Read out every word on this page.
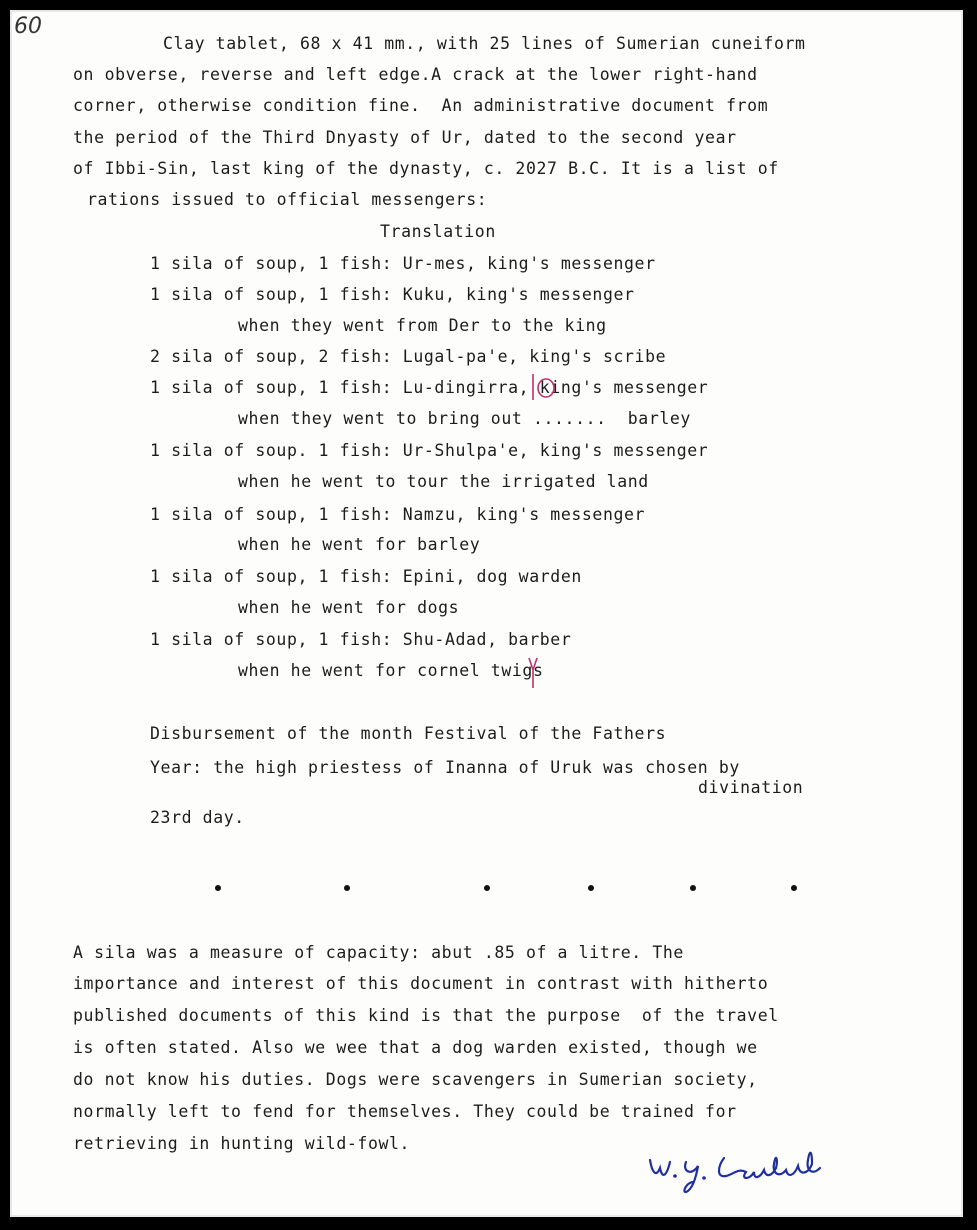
60

Clay tablet, 68 x 41 mm., with 25 lines of Sumerian cuneiform

on obverse, reverse and left edge.A crack at the lower right-hand

corner, otherwise condition fine.  An administrative document from

the period of the Third Dnyasty of Ur, dated to the second year

of Ibbi-Sin, last king of the dynasty, c. 2027 B.C. It is a list of

rations issued to official messengers:

Translation

1 sila of soup, 1 fish: Ur-mes, king's messenger

1 sila of soup, 1 fish: Kuku, king's messenger

when they went from Der to the king

2 sila of soup, 2 fish: Lugal-pa'e, king's scribe

1 sila of soup, 1 fish: Lu-dingirra, king's messenger

when they went to bring out .......  barley

1 sila of soup. 1 fish: Ur-Shulpa'e, king's messenger

when he went to tour the irrigated land

1 sila of soup, 1 fish: Namzu, king's messenger

when he went for barley

1 sila of soup, 1 fish: Epini, dog warden

when he went for dogs

1 sila of soup, 1 fish: Shu-Adad, barber

when he went for cornel twigs

Disbursement of the month Festival of the Fathers

Year: the high priestess of Inanna of Uruk was chosen by

divination

23rd day.

A sila was a measure of capacity: abut .85 of a litre. The

importance and interest of this document in contrast with hitherto

published documents of this kind is that the purpose  of the travel

is often stated. Also we wee that a dog warden existed, though we

do not know his duties. Dogs were scavengers in Sumerian society,

normally left to fend for themselves. They could be trained for

retrieving in hunting wild-fowl.
